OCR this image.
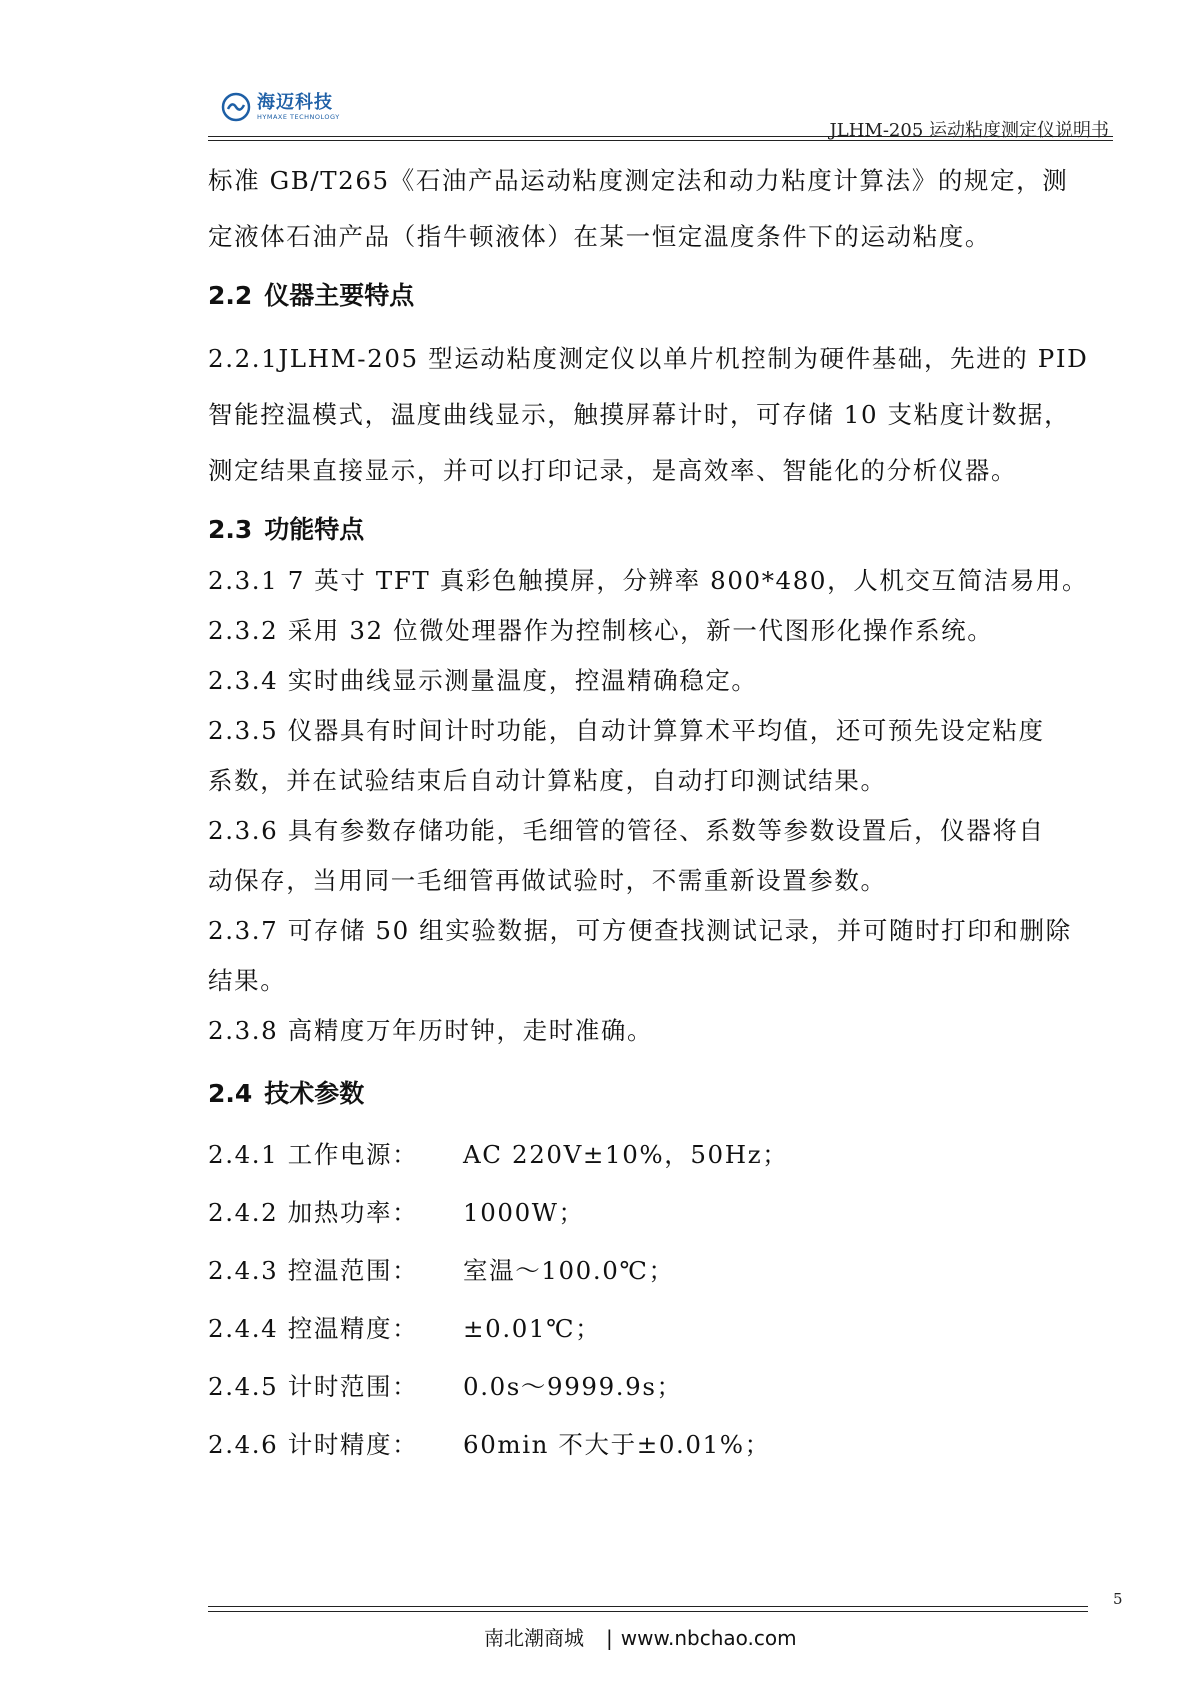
海迈科技
HYMAXE TECHNOLOGY
JLHM-205 运动粘度测定仪说明书
标准 GB/T265《石油产品运动粘度测定法和动力粘度计算法》的规定，测
定液体石油产品（指牛顿液体）在某一恒定温度条件下的运动粘度。
2.2 仪器主要特点
2.2.1JLHM-205 型运动粘度测定仪以单片机控制为硬件基础，先进的 PID
智能控温模式，温度曲线显示，触摸屏幕计时，可存储 10 支粘度计数据，
测定结果直接显示，并可以打印记录，是高效率、智能化的分析仪器。
2.3 功能特点
2.3.1 7 英寸 TFT 真彩色触摸屏，分辨率 800*480，人机交互简洁易用。
2.3.2 采用 32 位微处理器作为控制核心，新一代图形化操作系统。
2.3.4 实时曲线显示测量温度，控温精确稳定。
2.3.5 仪器具有时间计时功能，自动计算算术平均值，还可预先设定粘度
系数，并在试验结束后自动计算粘度，自动打印测试结果。
2.3.6 具有参数存储功能，毛细管的管径、系数等参数设置后，仪器将自
动保存，当用同一毛细管再做试验时，不需重新设置参数。
2.3.7 可存储 50 组实验数据，可方便查找测试记录，并可随时打印和删除
结果。
2.3.8 高精度万年历时钟，走时准确。
2.4 技术参数
2.4.1 工作电源： AC 220V±10%，50Hz；
2.4.2 加热功率： 1000W；
2.4.3 控温范围： 室温～100.0℃；
2.4.4 控温精度： ±0.01℃；
2.4.5 计时范围： 0.0s～9999.9s；
2.4.6 计时精度： 60min 不大于±0.01%；
5
南北潮商城 | www.nbchao.com
